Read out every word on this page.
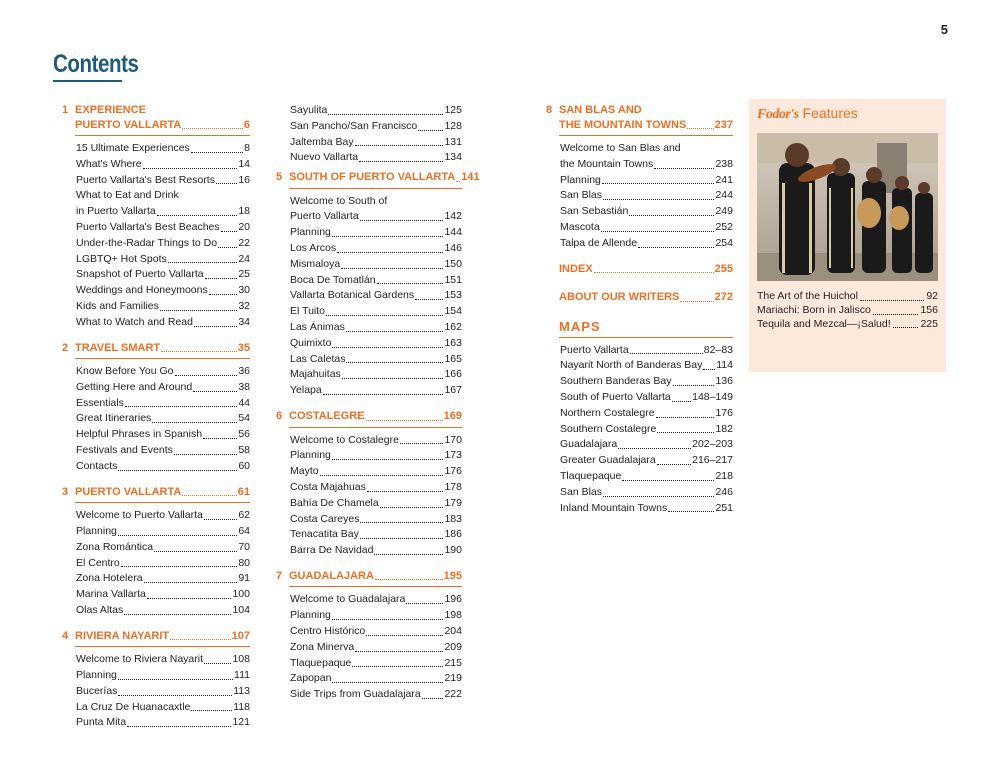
5
Contents
1 EXPERIENCE
PUERTO VALLARTA	6
15 Ultimate Experiences	8
What's Where	14
Puerto Vallarta's Best Resorts 16
What to Eat and Drink
in Puerto Vallarta	18
Puerto Vallarta's Best Beaches 20
Under-the-Radar Things to Do 22
LGBTQ+ Hot Spots	24
Snapshot of Puerto Vallarta	25
Weddings and Honeymoons	30
Kids and Families	32
What to Watch and Read	34
2 TRAVEL SMART	35
Know Before You Go	36
Getting Here and Around	38
Essentials	44
Great Itineraries	54
Helpful Phrases in Spanish	56
Festivals and Events	58
Contacts	60
3 PUERTO VALLARTA	61
Welcome to Puerto Vallarta	62
Planning	64
Zona Romántica	70
El Centro	80
Zona Hotelera	91
Marina Vallarta	100
Olas Altas	104
4 RIVIERA NAYARIT	107
Welcome to Riviera Nayarit	108
Planning	111
Bucerías	113
La Cruz De Huanacaxtle	118
Punta Mita	121
Sayulita	125
San Pancho/San Francisco	128
Jaltemba Bay	131
Nuevo Vallarta	134
5 SOUTH OF PUERTO VALLARTA 141
Welcome to South of
Puerto Vallarta	142
Planning	144
Los Arcos	146
Mismaloya	150
Boca De Tomatlán	151
Vallarta Botanical Gardens	153
El Tuito	154
Las Ánimas	162
Quimixto	163
Las Caletas	165
Majahuitas	166
Yelapa	167
6 COSTALEGRE	169
Welcome to Costalegre	170
Planning	173
Mayto	176
Costa Majahuas	178
Bahía De Chamela	179
Costa Careyes	183
Tenacatita Bay	186
Barra De Navidad	190
7 GUADALAJARA	195
Welcome to Guadalajara	196
Planning	198
Centro Histórico	204
Zona Minerva	209
Tlaquepaque	215
Zapopan	219
Side Trips from Guadalajara 222
8 SAN BLAS AND
THE MOUNTAIN TOWNS	237
Welcome to San Blas and
the Mountain Towns	238
Planning	241
San Blas	244
San Sebastián	249
Mascota	252
Talpa de Allende	254
INDEX	255
ABOUT OUR WRITERS	272
MAPS
Puerto Vallarta	82–83
Nayarit North of Banderas Bay 114
Southern Banderas Bay	136
South of Puerto Vallarta 148–149
Northern Costalegre	176
Southern Costalegre	182
Guadalajara	202–203
Greater Guadalajara	216–217
Tlaquepaque	218
San Blas	246
Inland Mountain Towns	251
Fodor's Features
The Art of the Huichol	92
Mariachi: Born in Jalisco	156
Tequila and Mezcal—¡Salud!	225
